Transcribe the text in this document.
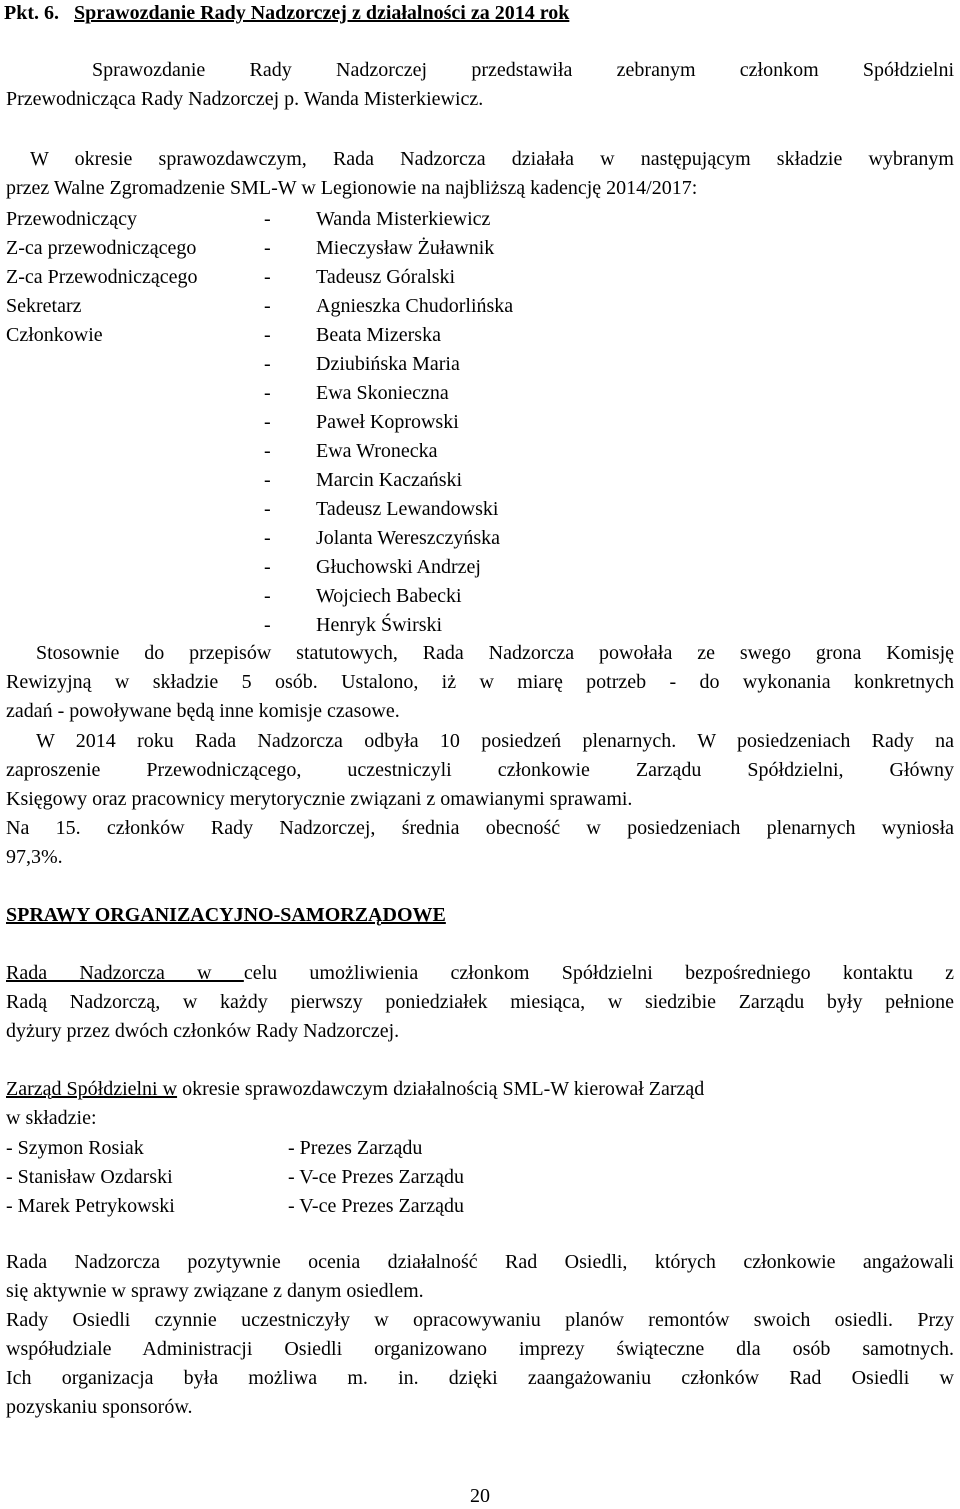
Pkt. 6. Sprawozdanie Rady Nadzorczej z działalności za 2014 rok
Sprawozdanie Rady Nadzorczej przedstawiła zebranym członkom Spółdzielni
Przewodnicząca Rady Nadzorczej p. Wanda Misterkiewicz.
W okresie sprawozdawczym, Rada Nadzorcza działała w następującym składzie wybranym
przez Walne Zgromadzenie SML-W w Legionowie na najbliższą kadencję 2014/2017:
Przewodniczący	- Wanda Misterkiewicz
Z-ca przewodniczącego	- Mieczysław Żuławnik
Z-ca Przewodniczącego	- Tadeusz Góralski
Sekretarz	- Agnieszka Chudorlińska
Członkowie	- Beata Mizerska
- Dziubińska Maria
- Ewa Skonieczna
- Paweł Koprowski
- Ewa Wronecka
- Marcin Kaczański
- Tadeusz Lewandowski
- Jolanta Wereszczyńska
- Głuchowski Andrzej
- Wojciech Babecki
- Henryk Świrski
Stosownie do przepisów statutowych, Rada Nadzorcza powołała ze swego grona Komisję
Rewizyjną w składzie 5 osób. Ustalono, iż w miarę potrzeb - do wykonania konkretnych
zadań - powoływane będą inne komisje czasowe.
W 2014 roku Rada Nadzorcza odbyła 10 posiedzeń plenarnych. W posiedzeniach Rady na
zaproszenie Przewodniczącego, uczestniczyli członkowie Zarządu Spółdzielni, Główny
Księgowy oraz pracownicy merytorycznie związani z omawianymi sprawami.
Na 15. członków Rady Nadzorczej, średnia obecność w posiedzeniach plenarnych wyniosła
97,3%.
SPRAWY ORGANIZACYJNO-SAMORZĄDOWE
Rada Nadzorcza w celu umożliwienia członkom Spółdzielni bezpośredniego kontaktu z
Radą Nadzorczą, w każdy pierwszy poniedziałek miesiąca, w siedzibie Zarządu były pełnione
dyżury przez dwóch członków Rady Nadzorczej.
Zarząd Spółdzielni w okresie sprawozdawczym działalnością SML-W kierował Zarząd
w składzie:
- Szymon Rosiak	- Prezes Zarządu
- Stanisław Ozdarski	- V-ce Prezes Zarządu
- Marek Petrykowski	- V-ce Prezes Zarządu
Rada Nadzorcza pozytywnie ocenia działalność Rad Osiedli, których członkowie angażowali
się aktywnie w sprawy związane z danym osiedlem.
Rady Osiedli czynnie uczestniczyły w opracowywaniu planów remontów swoich osiedli. Przy
współudziale Administracji Osiedli organizowano imprezy świąteczne dla osób samotnych.
Ich organizacja była możliwa m. in. dzięki zaangażowaniu członków Rad Osiedli w
pozyskaniu sponsorów.
20
